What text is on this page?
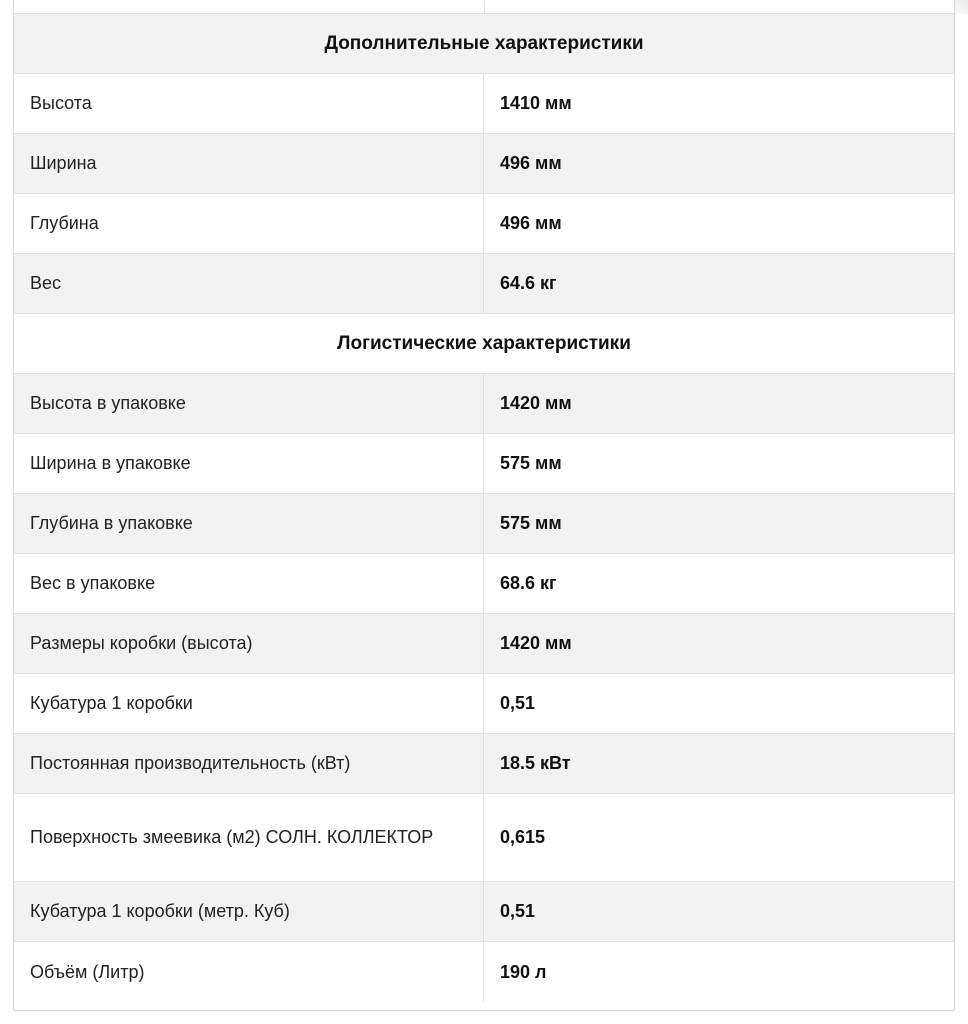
Дополнительные характеристики
Высота	1410 мм
Ширина	496 мм
Глубина	496 мм
Вес	64.6 кг
Логистические характеристики
Высота в упаковке	1420 мм
Ширина в упаковке	575 мм
Глубина в упаковке	575 мм
Вес в упаковке	68.6 кг
Размеры коробки (высота)	1420 мм
Кубатура 1 коробки	0,51
Постоянная производительность (кВт)	18.5 кВт
Поверхность змеевика (м2) СОЛН. КОЛЛЕКТОР	0,615
Кубатура 1 коробки (метр. Куб)	0,51
Объём (Литр)	190 л
